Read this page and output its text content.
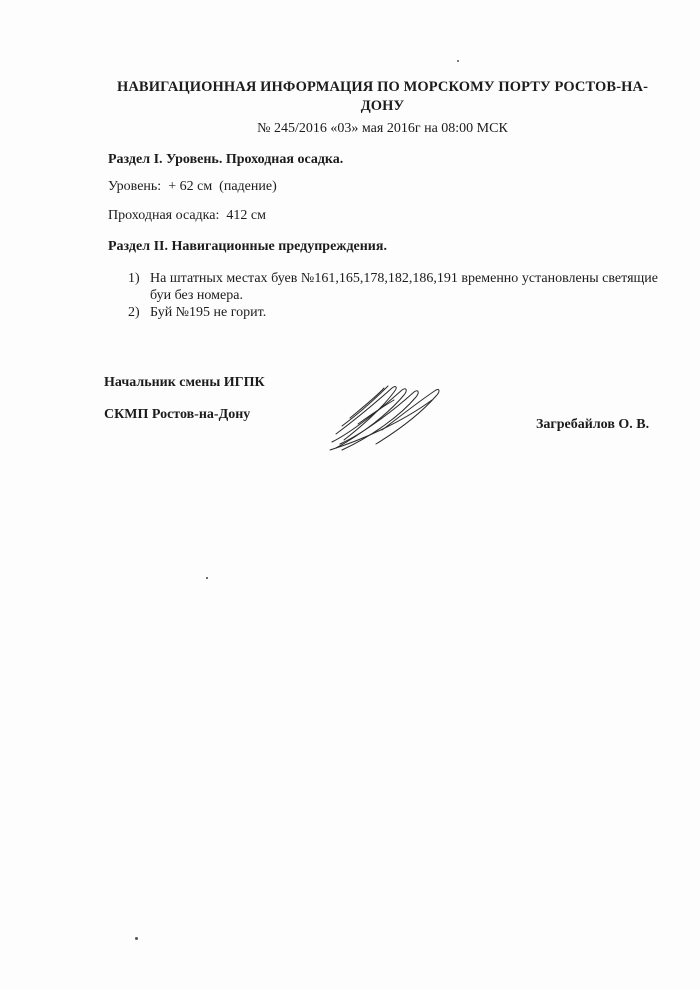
НАВИГАЦИОННАЯ ИНФОРМАЦИЯ ПО МОРСКОМУ ПОРТУ РОСТОВ-НА-ДОНУ
№ 245/2016 «03» мая 2016г на 08:00 МСК
Раздел I. Уровень. Проходная осадка.
Уровень: + 62 см (падение)
Проходная осадка: 412 см
Раздел II. Навигационные предупреждения.
1) На штатных местах буев №161,165,178,182,186,191 временно установлены светящие буи без номера.
2) Буй №195 не горит.
Начальник смены ИГПК
СКМП Ростов-на-Дону
Загребайлов О. В.
